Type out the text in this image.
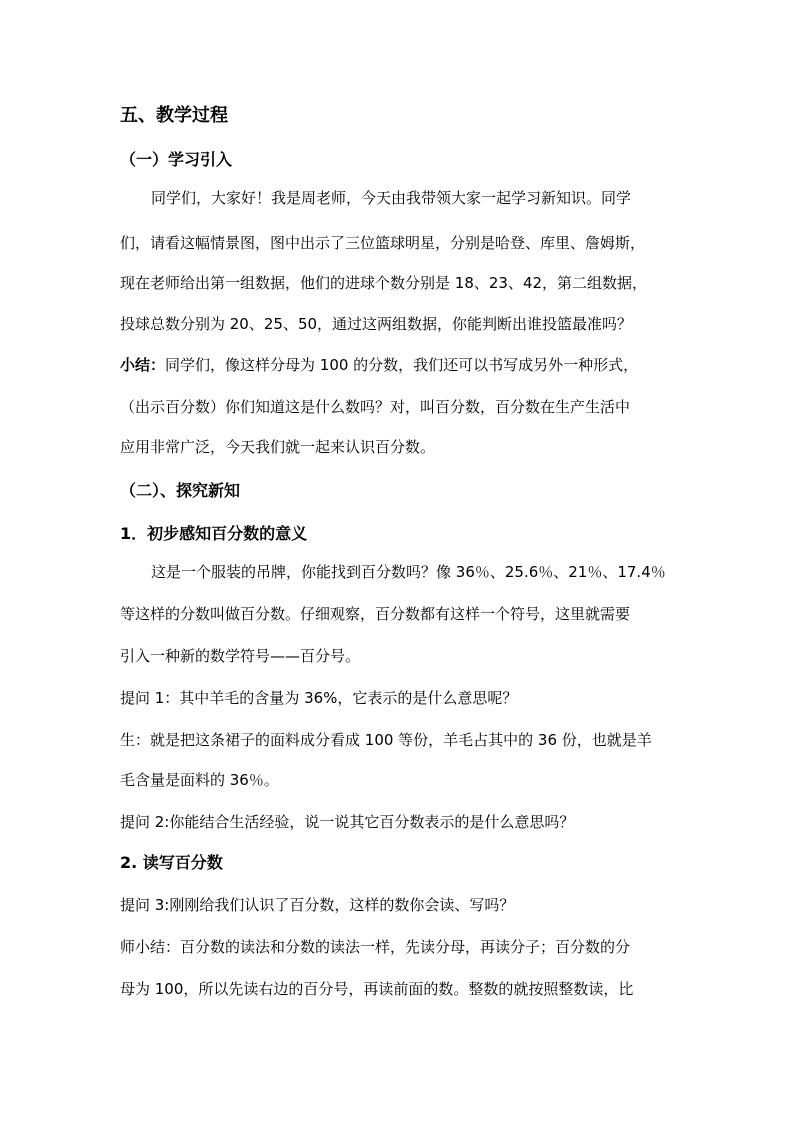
五、教学过程
（一）学习引入
同学们，大家好！我是周老师，今天由我带领大家一起学习新知识。同学
们，请看这幅情景图，图中出示了三位篮球明星，分别是哈登、库里、詹姆斯，
现在老师给出第一组数据，他们的进球个数分别是 18、23、42，第二组数据，
投球总数分别为 20、25、50，通过这两组数据，你能判断出谁投篮最准吗？
小结：同学们，像这样分母为 100 的分数，我们还可以书写成另外一种形式，
（出示百分数）你们知道这是什么数吗？对，叫百分数，百分数在生产生活中
应用非常广泛，今天我们就一起来认识百分数。
（二）、探究新知
1．初步感知百分数的意义
这是一个服装的吊牌，你能找到百分数吗？像 36％、25.6％、21％、17.4％
等这样的分数叫做百分数。仔细观察，百分数都有这样一个符号，这里就需要
引入一种新的数学符号——百分号。
提问 1：其中羊毛的含量为 36%，它表示的是什么意思呢？
生：就是把这条裙子的面料成分看成 100 等份，羊毛占其中的 36 份，也就是羊
毛含量是面料的 36％。
提问 2:你能结合生活经验，说一说其它百分数表示的是什么意思吗？
2. 读写百分数
提问 3:刚刚给我们认识了百分数，这样的数你会读、写吗？
师小结：百分数的读法和分数的读法一样，先读分母，再读分子；百分数的分
母为 100，所以先读右边的百分号，再读前面的数。整数的就按照整数读，比
